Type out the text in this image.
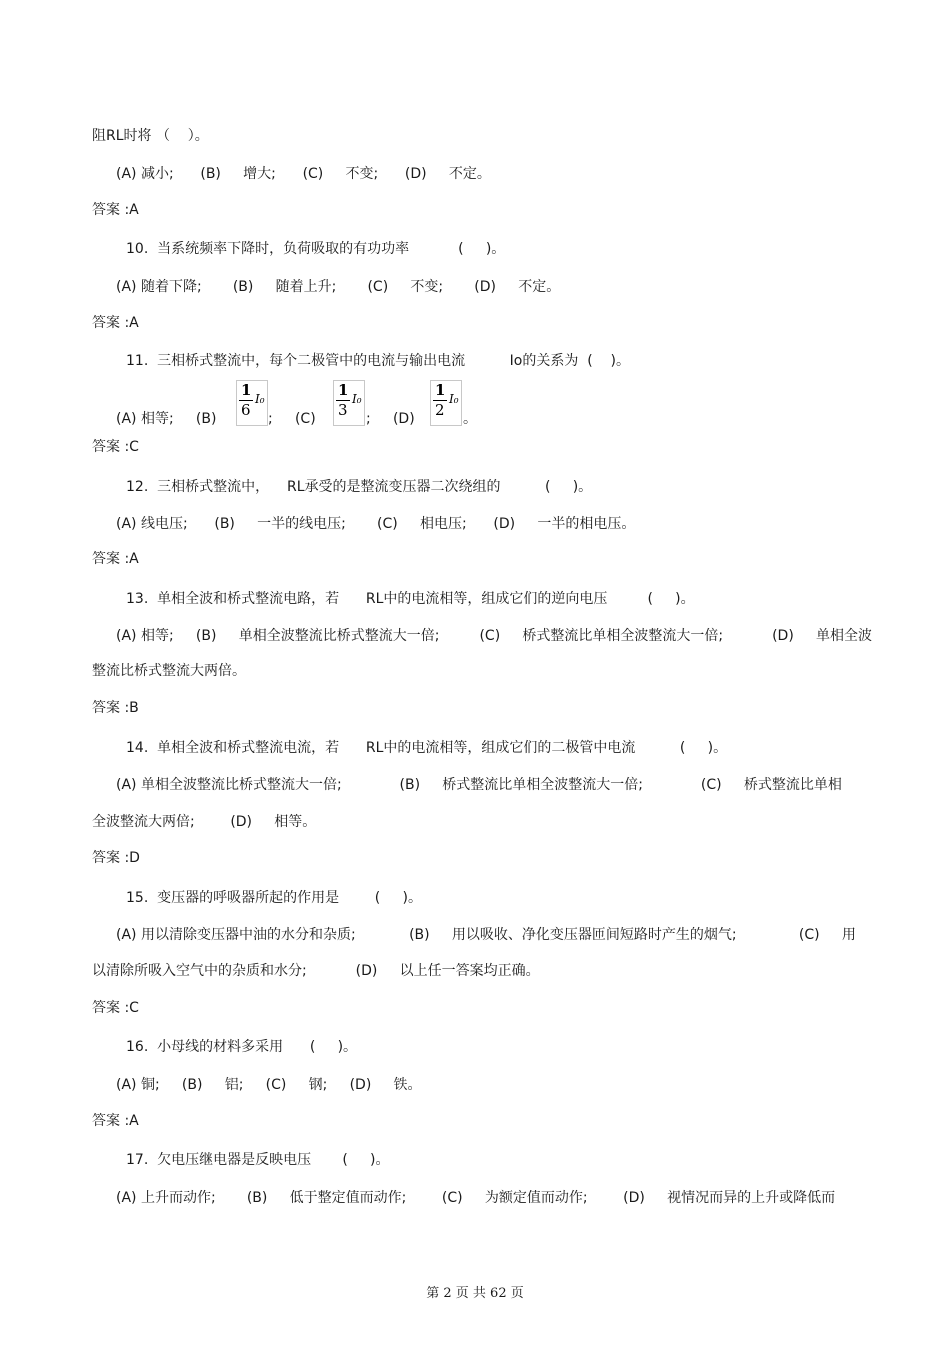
阻RL时将 （    ）。
(A) 减小;      (B)     增大;      (C)     不变;      (D)     不定。
答案 :A
10.  当系统频率下降时，负荷吸取的有功功率           (     )。
(A) 随着下降;       (B)     随着上升;       (C)     不变;       (D)     不定。
答案 :A
11.  三相桥式整流中，每个二极管中的电流与输出电流          Io的关系为  (    )。
(A) 相等;     (B)
1
6
I₀
;     (C)
1
3
I₀
;     (D)
1
2
I₀
。
答案 :C
12.  三相桥式整流中，    RL承受的是整流变压器二次绕组的          (     )。
(A) 线电压;      (B)     一半的线电压;       (C)     相电压;      (D)     一半的相电压。
答案 :A
13.  单相全波和桥式整流电路，若      RL中的电流相等，组成它们的逆向电压         (     )。
(A) 相等;     (B)     单相全波整流比桥式整流大一倍;         (C)     桥式整流比单相全波整流大一倍;           (D)     单相全波
整流比桥式整流大两倍。
答案 :B
14.  单相全波和桥式整流电流，若      RL中的电流相等，组成它们的二极管中电流          (     )。
(A) 单相全波整流比桥式整流大一倍;             (B)     桥式整流比单相全波整流大一倍;             (C)     桥式整流比单相
全波整流大两倍;        (D)     相等。
答案 :D
15.  变压器的呼吸器所起的作用是        (     )。
(A) 用以清除变压器中油的水分和杂质;            (B)     用以吸收、净化变压器匝间短路时产生的烟气;              (C)     用
以清除所吸入空气中的杂质和水分;           (D)     以上任一答案均正确。
答案 :C
16.  小母线的材料多采用      (     )。
(A) 铜;     (B)     铝;     (C)     钢;     (D)     铁。
答案 :A
17.  欠电压继电器是反映电压       (     )。
(A) 上升而动作;       (B)     低于整定值而动作;        (C)     为额定值而动作;        (D)     视情况而异的上升或降低而
第 2 页 共 62 页
